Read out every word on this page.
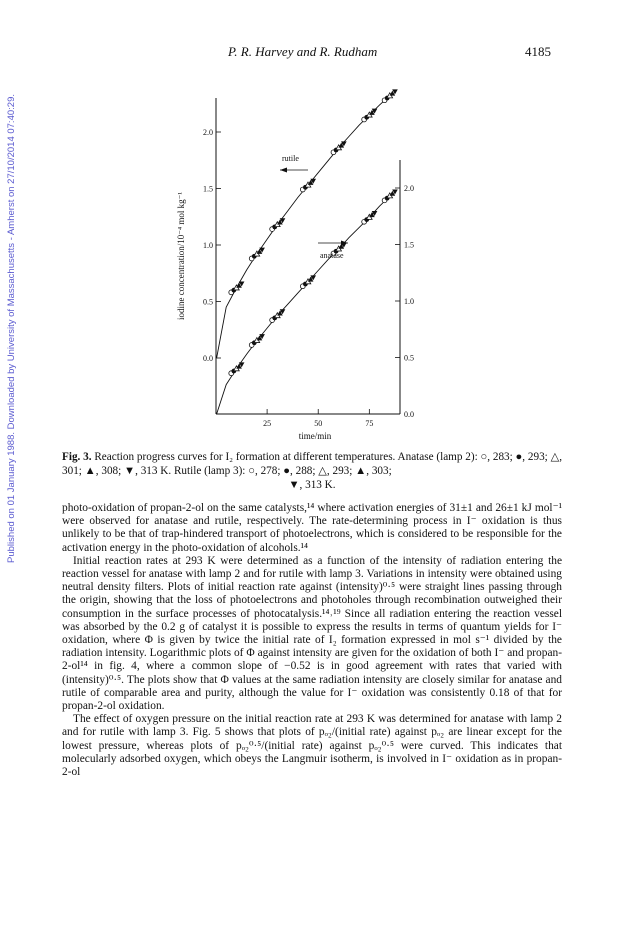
Published on 01 January 1988. Downloaded by University of Massachusetts - Amherst on 27/10/2014 07:40:29.
P. R. Harvey and R. Rudham	4185
0.0
0.5
1.0
1.5
2.0
0.0
0.5
1.0
1.5
2.0
25	50	75
rutile
anatase
iodine concentration/10⁻⁴ mol kg⁻¹
time/min
Fig. 3. Reaction progress curves for I₂ formation at different temperatures. Anatase (lamp 2): ○, 283; ●, 293; △, 301; ▲, 308; ▼, 313 K. Rutile (lamp 3): ○, 278; ●, 288; △, 293; ▲, 303;
▼, 313 K.

photo-oxidation of propan-2-ol on the same catalysts,¹⁴ where activation energies of 31±1 and 26±1 kJ mol⁻¹ were observed for anatase and rutile, respectively. The rate-determining process in I⁻ oxidation is thus unlikely to be that of trap-hindered transport of photoelectrons, which is considered to be responsible for the activation energy in the photo-oxidation of alcohols.¹⁴

Initial reaction rates at 293 K were determined as a function of the intensity of radiation entering the reaction vessel for anatase with lamp 2 and for rutile with lamp 3. Variations in intensity were obtained using neutral density filters. Plots of initial reaction rate against (intensity)⁰·⁵ were straight lines passing through the origin, showing that the loss of photoelectrons and photoholes through recombination outweighed their consumption in the surface processes of photocatalysis.¹⁴˒¹⁹ Since all radiation entering the reaction vessel was absorbed by the 0.2 g of catalyst it is possible to express the results in terms of quantum yields for I⁻ oxidation, where Φ is given by twice the initial rate of I₂ formation expressed in mol s⁻¹ divided by the radiation intensity. Logarithmic plots of Φ against intensity are given for the oxidation of both I⁻ and propan-2-ol¹⁴ in fig. 4, where a common slope of −0.52 is in good agreement with rates that varied with (intensity)⁰·⁵. The plots show that Φ values at the same radiation intensity are closely similar for anatase and rutile of comparable area and purity, although the value for I⁻ oxidation was consistently 0.18 of that for propan-2-ol oxidation.

The effect of oxygen pressure on the initial reaction rate at 293 K was determined for anatase with lamp 2 and for rutile with lamp 3. Fig. 5 shows that plots of pₒ₂/(initial rate) against pₒ₂ are linear except for the lowest pressure, whereas plots of pₒ₂⁰·⁵/(initial rate) against pₒ₂⁰·⁵ were curved. This indicates that molecularly adsorbed oxygen, which obeys the Langmuir isotherm, is involved in I⁻ oxidation as in propan-2-ol
